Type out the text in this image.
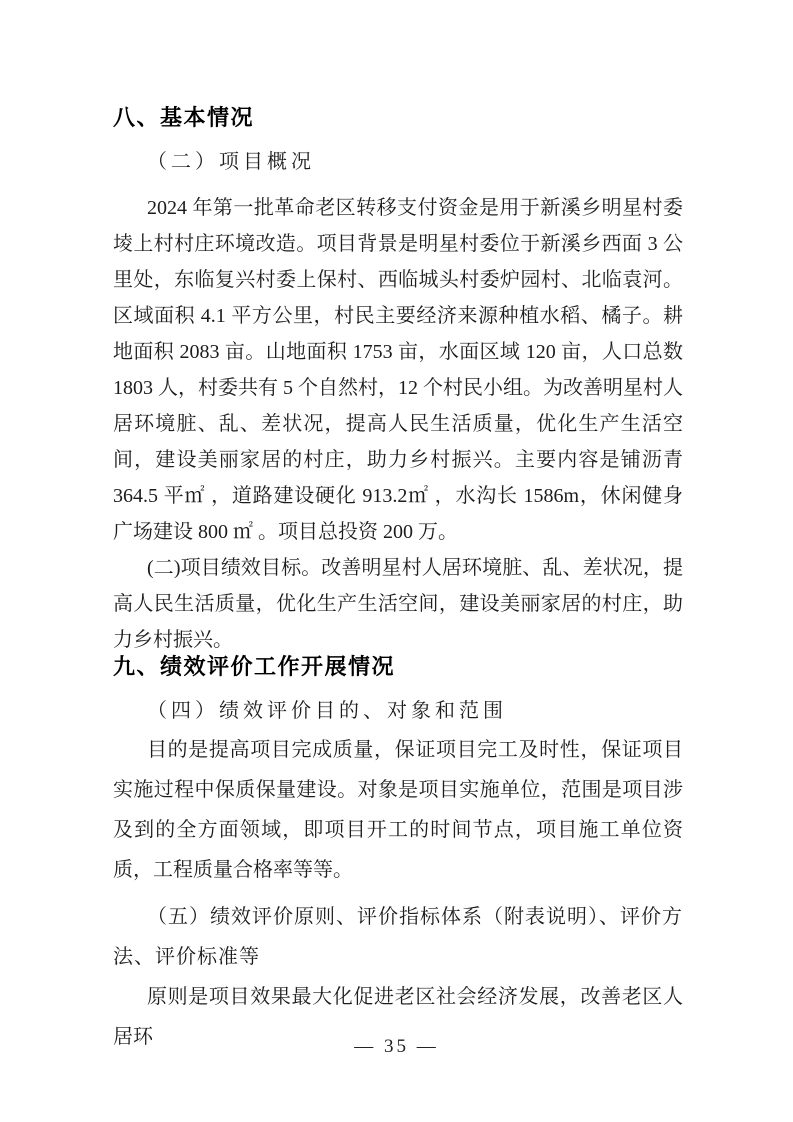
八、基本情况
（二）项目概况

2024 年第一批革命老区转移支付资金是用于新溪乡明星村委堎上村村庄环境改造。项目背景是明星村委位于新溪乡西面 3 公里处，东临复兴村委上保村、西临城头村委炉园村、北临袁河。区域面积 4.1 平方公里，村民主要经济来源种植水稻、橘子。耕地面积 2083 亩。山地面积 1753 亩，水面区域 120 亩，人口总数 1803 人，村委共有 5 个自然村，12 个村民小组。为改善明星村人居环境脏、乱、差状况，提高人民生活质量，优化生产生活空间，建设美丽家居的村庄，助力乡村振兴。主要内容是铺沥青 364.5 平㎡ ，道路建设硬化 913.2㎡ ，水沟长 1586m，休闲健身广场建设 800 ㎡ 。项目总投资 200 万。

(二)项目绩效目标。改善明星村人居环境脏、乱、差状况，提高人民生活质量，优化生产生活空间，建设美丽家居的村庄，助力乡村振兴。

九、绩效评价工作开展情况
（四）绩效评价目的、对象和范围

目的是提高项目完成质量，保证项目完工及时性，保证项目实施过程中保质保量建设。对象是项目实施单位，范围是项目涉及到的全方面领域，即项目开工的时间节点，项目施工单位资质，工程质量合格率等等。

（五）绩效评价原则、评价指标体系（附表说明）、评价方法、评价标准等

原则是项目效果最大化促进老区社会经济发展，改善老区人居环	— 35 —
